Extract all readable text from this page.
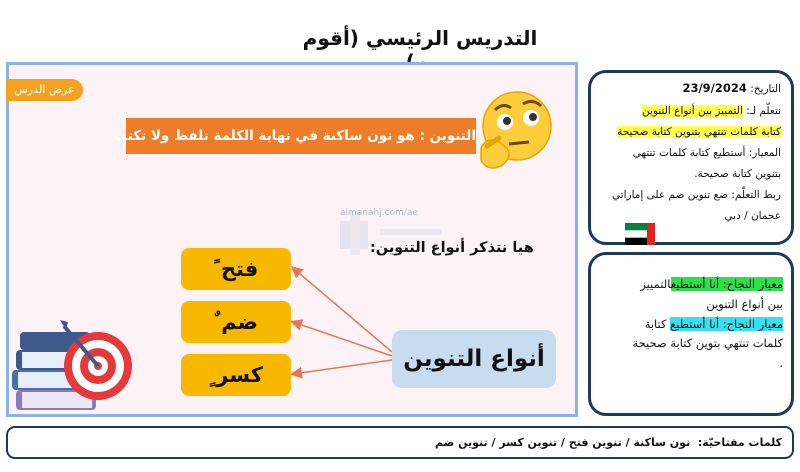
التدريس الرئيسي (أقوم
عرض الدرس
التنوين : هو نون ساكنة في نهاية الكلمة تلفظ ولا تكتب
almanahj.com/ae
هيا نتذكر أنواع التنوين:
فتح ً
ضم ٌ
كسر ٍ
أنواع التنوين
التاريخ: 23/9/2024
نتعلّم لـ: التمييز بين أنواع التنوين
كتابة كلمات تنتهي بتنوين كتابة صحيحة
المعيار: أستطيع كتابة كلمات تنتهي
بتنوين كتابة صحيحة.
ربط التعلّم: ضع تنوين ضم على إماراتي
عجمان / دبي
معيار النجاح: أنا أستطيعالتمييز
بين أنواع التنوين
معيار النجاح: أنا أستطيع كتابة
كلمات تنتهي بتوين كتابة صحيحة
.
كلمات مفتاحيّة:  نون ساكنة / تنوين فتح / تنوين كسر / تنوين ضم
